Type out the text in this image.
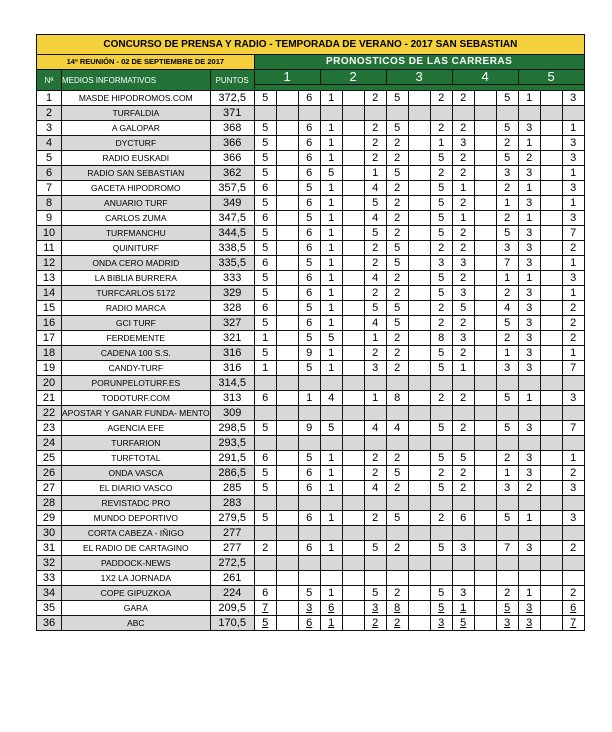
CONCURSO DE PRENSA Y RADIO - TEMPORADA DE VERANO - 2017 SAN SEBASTIAN																	
14ª REUNIÓN - 02 DE SEPTIEMBRE DE 2017			PRONOSTICOS DE LAS CARRERAS														
Nª	MEDIOS INFORMATIVOS	PUNTOS	1			2			3			4			5		

1	MASDE HIPODROMOS.COM	372,5	5		6	1		2	5		2	2		5	1		3
2	TURFALDIA	371															
3	A GALOPAR	368	5		6	1		2	5		2	2		5	3		1
4	DYCTURF	366	5		6	1		2	2		1	3		2	1		3
5	RADIO EUSKADI	366	5		6	1		2	2		5	2		5	2		3
6	RADIO SAN SEBASTIAN	362	5		6	5		1	5		2	2		3	3		1
7	GACETA HIPODROMO	357,5	6		5	1		4	2		5	1		2	1		3
8	ANUARIO TURF	349	5		6	1		5	2		5	2		1	3		1
9	CARLOS ZUMA	347,5	6		5	1		4	2		5	1		2	1		3
10	TURFMANCHU	344,5	5		6	1		5	2		5	2		5	3		7
11	QUINITURF	338,5	5		6	1		2	5		2	2		3	3		2
12	ONDA CERO MADRID	335,5	6		5	1		2	5		3	3		7	3		1
13	LA BIBLIA BURRERA	333	5		6	1		4	2		5	2		1	1		3
14	TURFCARLOS 5172	329	5		6	1		2	2		5	3		2	3		1
15	RADIO MARCA	328	6		5	1		5	5		2	5		4	3		2
16	GCI TURF	327	5		6	1		4	5		2	2		5	3		2
17	FERDEMENTE	321	1		5	5		1	2		8	3		2	3		2
18	CADENA 100 S.S.	316	5		9	1		2	2		5	2		1	3		1
19	CANDY-TURF	316	1		5	1		3	2		5	1		3	3		7
20	PORUNPELOTURF.ES	314,5															
21	TODOTURF.COM	313	6		1	4		1	8		2	2		5	1		3
22	APOSTAR Y GANAR FUNDA- MENTO	309															
23	AGENCIA EFE	298,5	5		9	5		4	4		5	2		5	3		7
24	TURFARION	293,5															
25	TURFTOTAL	291,5	6		5	1		2	2		5	5		2	3		1
26	ONDA VASCA	286,5	5		6	1		2	5		2	2		1	3		2
27	EL DIARIO VASCO	285	5		6	1		4	2		5	2		3	2		3
28	REVISTADC PRO	283															
29	MUNDO DEPORTIVO	279,5	5		6	1		2	5		2	6		5	1		3
30	CORTA CABEZA - IÑIGO	277															
31	EL RADIO DE CARTAGINO	277	2		6	1		5	2		5	3		7	3		2
32	PADDOCK-NEWS	272,5															
33	1X2 LA JORNADA	261															
34	COPE GIPUZKOA	224	6		5	1		5	2		5	3		2	1		2
35	GARA	209,5	7		3	6		3	8		5	1		5	3		6
36	ABC	170,5	5		6	1		2	2		3	5		3	3		7
